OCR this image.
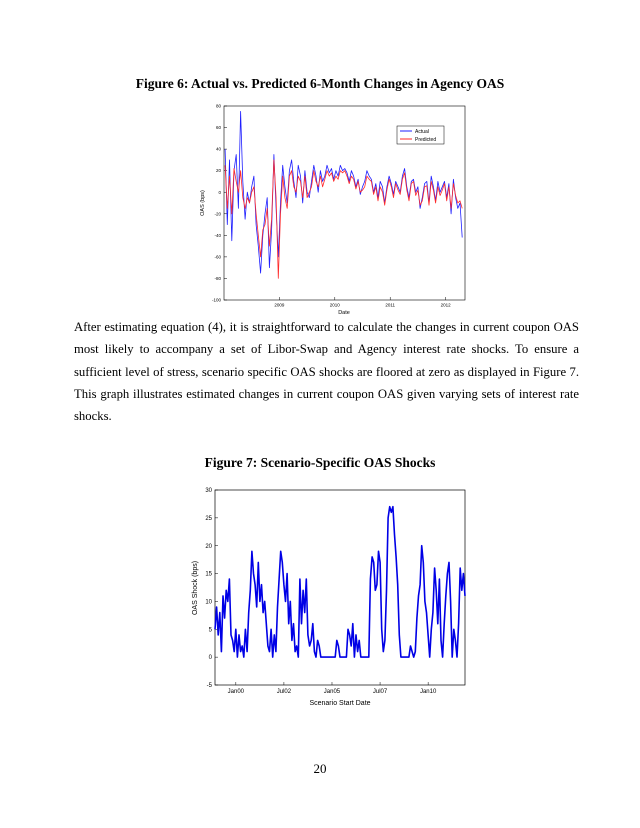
Figure 6: Actual vs. Predicted 6-Month Changes in Agency OAS
80
60
40
20
0
-20
-40
-60
-80
-100
2009	2010	2011	2012
Actual
Predicted
Date
OAS (bps)

After estimating equation (4), it is straightforward to calculate the changes in current coupon OAS most likely to accompany a set of Libor-Swap and Agency interest rate shocks. To ensure a sufficient level of stress, scenario specific OAS shocks are floored at zero as displayed in Figure 7. This graph illustrates estimated changes in current coupon OAS given varying sets of interest rate shocks.

Figure 7: Scenario-Specific OAS Shocks
30
25
20
15
10
5
0
-5
Jan00	Jul02	Jan05	Jul07	Jan10
Scenario Start Date
OAS Shock (bps)
20
